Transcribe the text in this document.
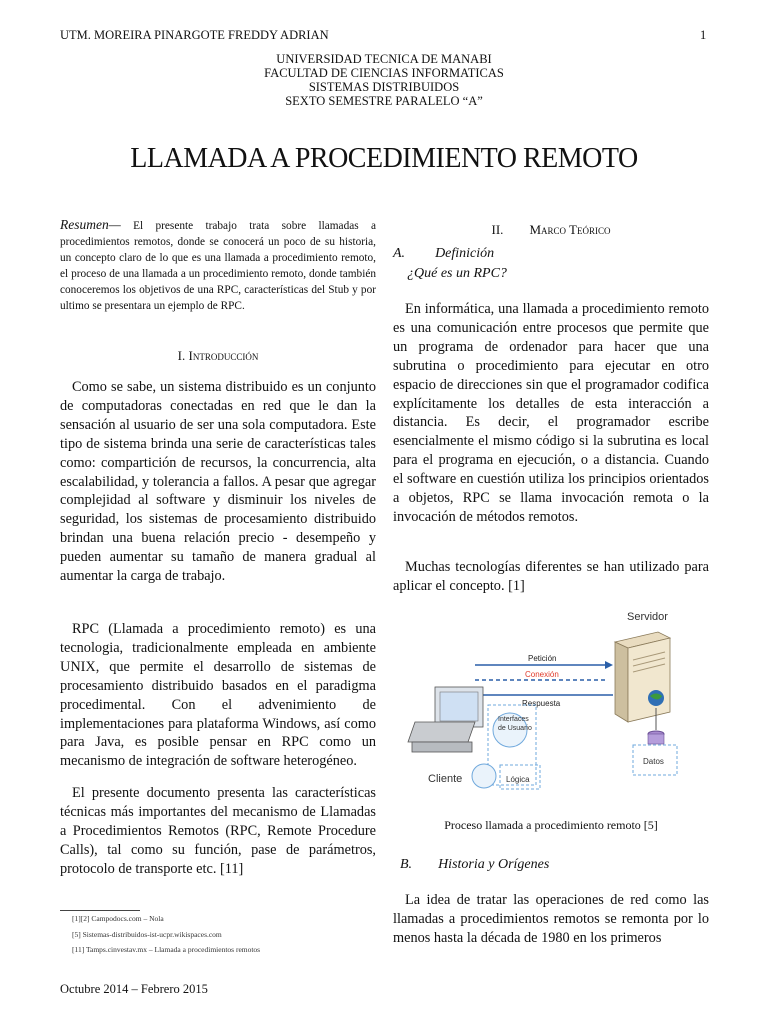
UTM. MOREIRA PINARGOTE FREDDY ADRIAN	1
UNIVERSIDAD TECNICA DE MANABI
FACULTAD DE CIENCIAS INFORMATICAS
SISTEMAS DISTRIBUIDOS
SEXTO SEMESTRE PARALELO “A”
LLAMADA A PROCEDIMIENTO REMOTO
Resumen— El presente trabajo trata sobre llamadas a procedimientos remotos, donde se conocerá un poco de su historia, un concepto claro de lo que es una llamada a procedimiento remoto, el proceso de una llamada a un procedimiento remoto, donde también conoceremos los objetivos de una RPC, características del Stub y por ultimo se presentara un ejemplo de RPC.
I. Introducción

Como se sabe, un sistema distribuido es un conjunto de computadoras conectadas en red que le dan la sensación al usuario de ser una sola computadora. Este tipo de sistema brinda una serie de características tales como: compartición de recursos, la concurrencia, alta escalabilidad, y tolerancia a fallos. A pesar que agregar complejidad al software y disminuir los niveles de seguridad, los sistemas de procesamiento distribuido brindan una buena relación precio - desempeño y pueden aumentar su tamaño de manera gradual al aumentar la carga de trabajo.

RPC (Llamada a procedimiento remoto) es una tecnologia, tradicionalmente empleada en ambiente UNIX, que permite el desarrollo de sistemas de procesamiento distribuido basados en el paradigma procedimental. Con el advenimiento de implementaciones para plataforma Windows, así como para Java, es posible pensar en RPC como un mecanismo de integración de software heterogéneo.

El presente documento presenta las características técnicas más importantes del mecanismo de Llamadas a Procedimientos Remotos (RPC, Remote Procedure Calls), tal como su función, pase de parámetros, protocolo de transporte etc. [11]

[1][2] Campodocs.com – Nola
[5] Sistemas-distribuidos-ist-ucpr.wikispaces.com
[11] Tamps.cinvestav.mx – Llamada a procedimientos remotos
II. Marco Teórico
A. Definición
¿Qué es un RPC?

En informática, una llamada a procedimiento remoto es una comunicación entre procesos que permite que un programa de ordenador para hacer que una subrutina o procedimiento para ejecutar en otro espacio de direcciones sin que el programador codifica explícitamente los detalles de esta interacción a distancia. Es decir, el programador escribe esencialmente el mismo código si la subrutina es local para el programa en ejecución, o a distancia. Cuando el software en cuestión utiliza los principios orientados a objetos, RPC se llama invocación remota o la invocación de métodos remotos.

Muchas tecnologías diferentes se han utilizado para aplicar el concepto. [1]

Servidor
Petición
Conexión
Respuesta
Cliente
Interfaces
de Usuario
Lógica
Datos
Proceso llamada a procedimiento remoto [5]
B. Historia y Orígenes

La idea de tratar las operaciones de red como las llamadas a procedimientos remotos se remonta por lo menos hasta la década de 1980 en los primeros

Octubre 2014 – Febrero 2015
